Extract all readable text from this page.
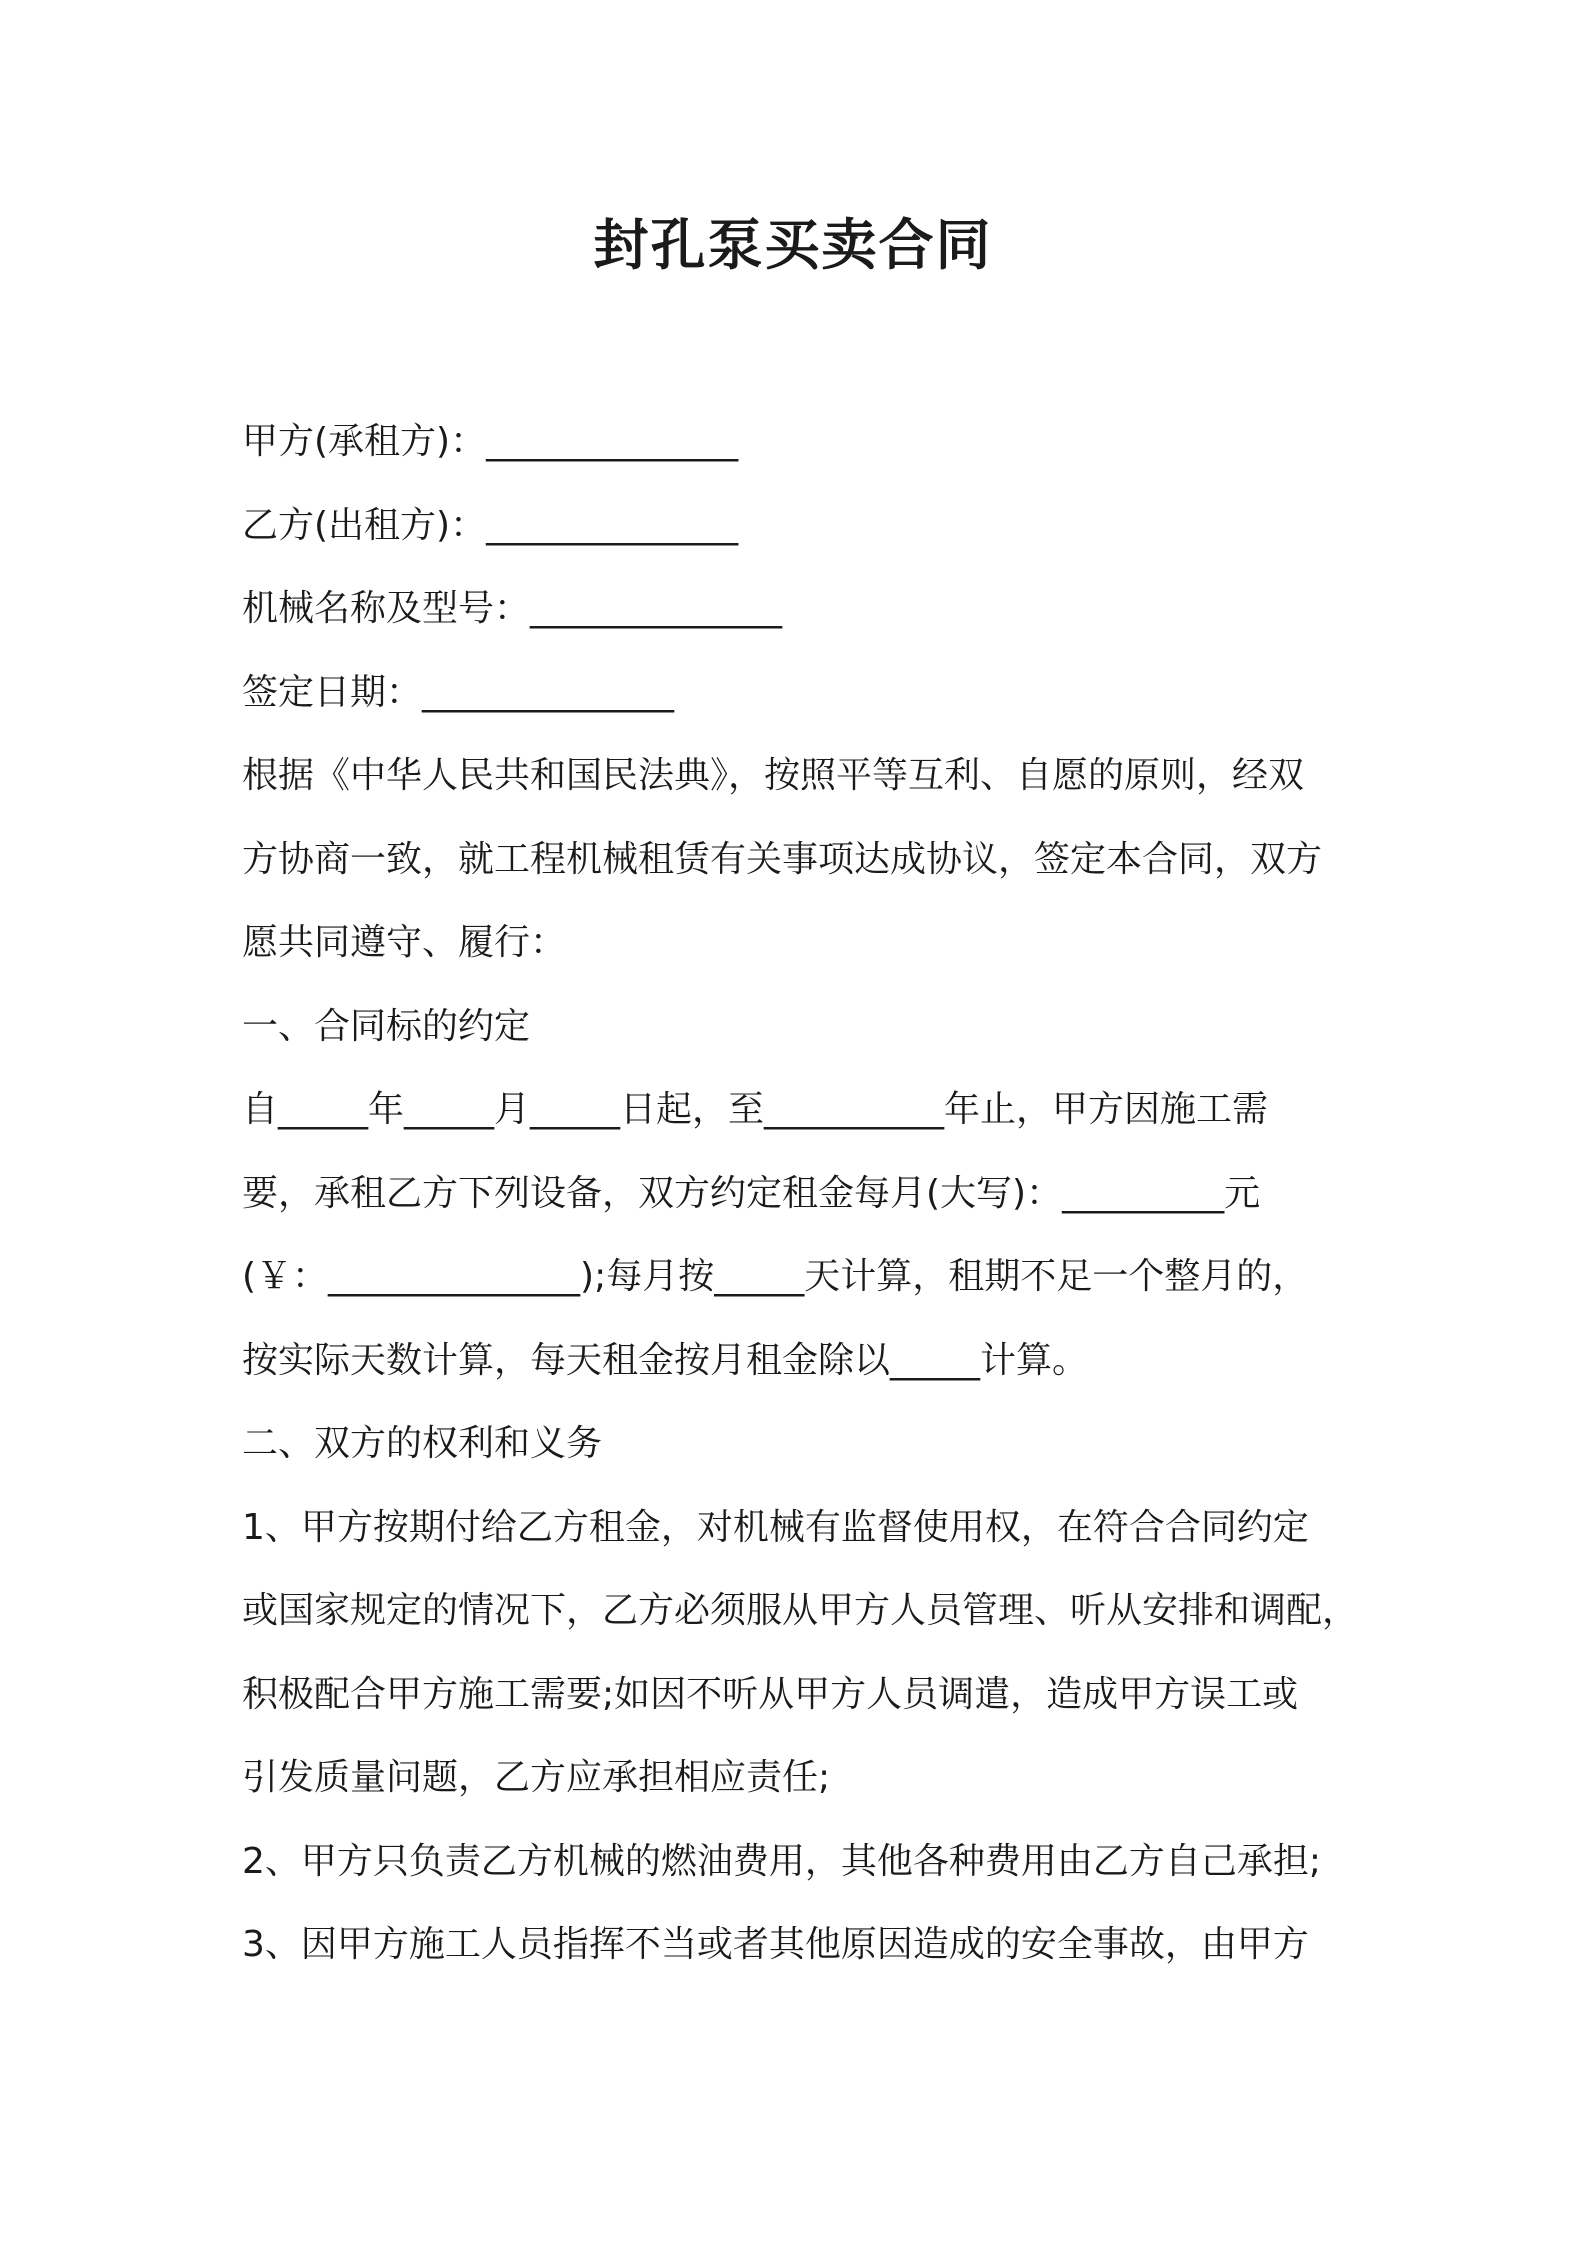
封孔泵买卖合同
甲方(承租方)：______________
乙方(出租方)：______________
机械名称及型号：______________
签定日期：______________
根据《中华人民共和国民法典》，按照平等互利、自愿的原则，经双
方协商一致，就工程机械租赁有关事项达成协议，签定本合同，双方
愿共同遵守、履行：
一、合同标的约定
自_____年_____月_____日起，至__________年止，甲方因施工需
要，承租乙方下列设备，双方约定租金每月(大写)：_________元
(￥：______________);每月按_____天计算，租期不足一个整月的，
按实际天数计算，每天租金按月租金除以_____计算。
二、双方的权利和义务
1、甲方按期付给乙方租金，对机械有监督使用权，在符合合同约定
或国家规定的情况下，乙方必须服从甲方人员管理、听从安排和调配，
积极配合甲方施工需要;如因不听从甲方人员调遣，造成甲方误工或
引发质量问题，乙方应承担相应责任;
2、甲方只负责乙方机械的燃油费用，其他各种费用由乙方自己承担;
3、因甲方施工人员指挥不当或者其他原因造成的安全事故，由甲方
